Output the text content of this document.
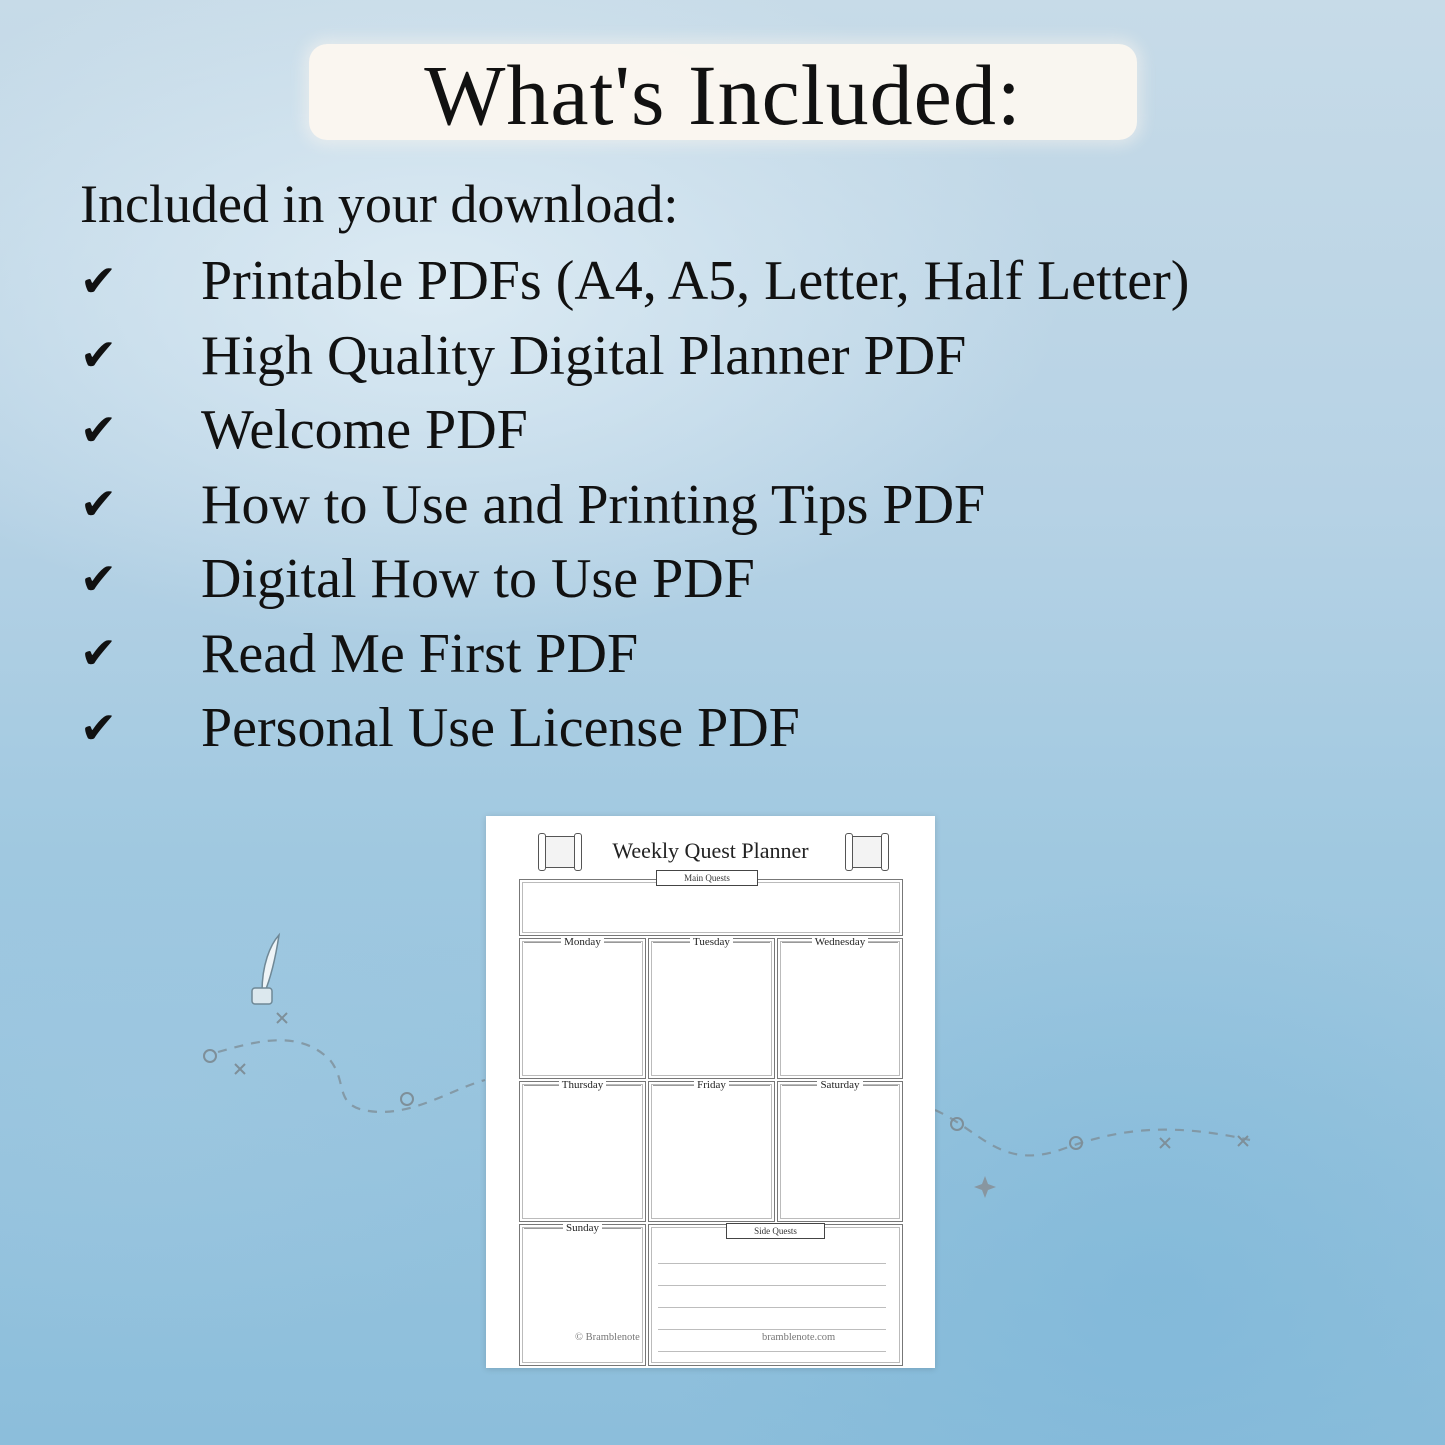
What's Included:
Included in your download:
✔	Printable PDFs (A4, A5, Letter, Half Letter)
✔	High Quality Digital Planner PDF
✔	Welcome PDF
✔	How to Use and Printing Tips PDF
✔	Digital How to Use PDF
✔	Read Me First PDF
✔	Personal Use License PDF
Weekly Quest Planner
Main Quests
Monday	Tuesday	Wednesday
Thursday	Friday	Saturday
Sunday	Side Quests
© Bramblenote	bramblenote.com
